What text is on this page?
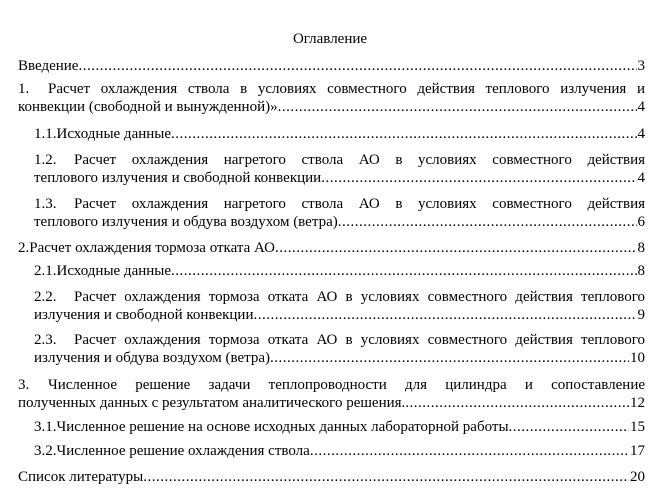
Оглавление
Введение .....	3
1. Расчет охлаждения ствола в условиях совместного действия теплового излучения и
конвекции (свободной и вынужденной)» .....	4
1.1. Исходные данные .....	4
1.2. Расчет охлаждения нагретого ствола АО в условиях совместного действия
теплового излучения и свободной конвекции .....	4
1.3. Расчет охлаждения нагретого ствола АО в условиях совместного действия
теплового излучения и обдува воздухом (ветра) .....	6
2. Расчет охлаждения тормоза отката АО .....	8
2.1. Исходные данные .....	8
2.2. Расчет охлаждения тормоза отката АО в условиях совместного действия теплового
излучения и свободной конвекции .....	9
2.3. Расчет охлаждения тормоза отката АО в условиях совместного действия теплового
излучения и обдува воздухом (ветра) .....	10
3. Численное решение задачи теплопроводности для цилиндра и сопоставление
полученных данных с результатом аналитического решения. .....	12
3.1. Численное решение на основе исходных данных лабораторной работы .....	15
3.2. Численное решение охлаждения ствола .....	17
Список литературы .....	20
